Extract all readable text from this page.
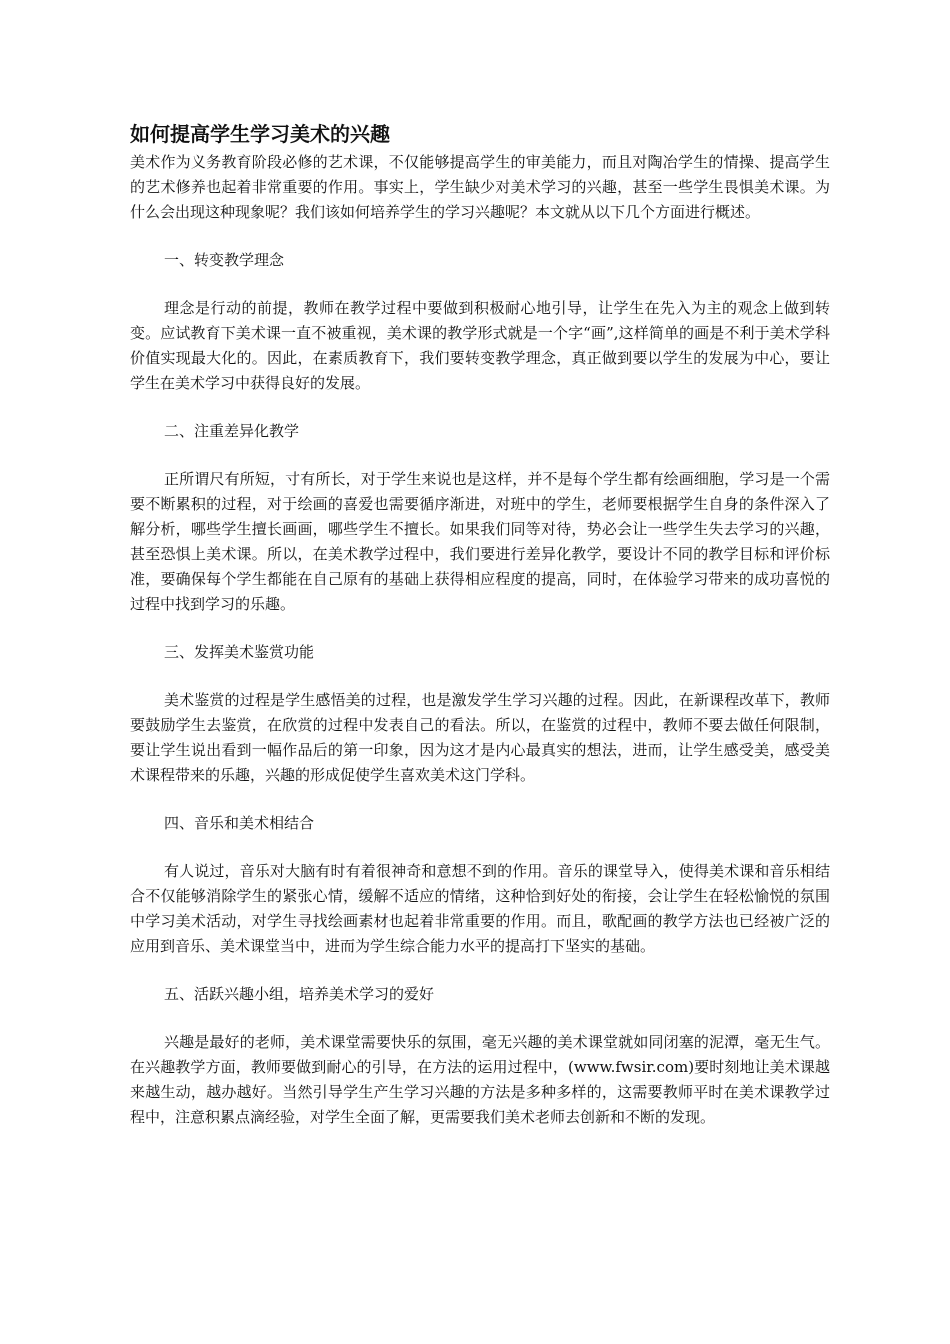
如何提高学生学习美术的兴趣

美术作为义务教育阶段必修的艺术课，不仅能够提高学生的审美能力，而且对陶冶学生的情操、提高学生的艺术修养也起着非常重要的作用。事实上，学生缺少对美术学习的兴趣，甚至一些学生畏惧美术课。为什么会出现这种现象呢？我们该如何培养学生的学习兴趣呢？本文就从以下几个方面进行概述。

一、转变教学理念

理念是行动的前提，教师在教学过程中要做到积极耐心地引导，让学生在先入为主的观念上做到转变。应试教育下美术课一直不被重视，美术课的教学形式就是一个字“画”,这样简单的画是不利于美术学科价值实现最大化的。因此，在素质教育下，我们要转变教学理念，真正做到要以学生的发展为中心，要让学生在美术学习中获得良好的发展。

二、注重差异化教学

正所谓尺有所短，寸有所长，对于学生来说也是这样，并不是每个学生都有绘画细胞，学习是一个需要不断累积的过程，对于绘画的喜爱也需要循序渐进，对班中的学生，老师要根据学生自身的条件深入了解分析，哪些学生擅长画画，哪些学生不擅长。如果我们同等对待，势必会让一些学生失去学习的兴趣，甚至恐惧上美术课。所以，在美术教学过程中，我们要进行差异化教学，要设计不同的教学目标和评价标准，要确保每个学生都能在自己原有的基础上获得相应程度的提高，同时，在体验学习带来的成功喜悦的过程中找到学习的乐趣。

三、发挥美术鉴赏功能

美术鉴赏的过程是学生感悟美的过程，也是激发学生学习兴趣的过程。因此，在新课程改革下，教师要鼓励学生去鉴赏，在欣赏的过程中发表自己的看法。所以，在鉴赏的过程中，教师不要去做任何限制，要让学生说出看到一幅作品后的第一印象，因为这才是内心最真实的想法，进而，让学生感受美，感受美术课程带来的乐趣，兴趣的形成促使学生喜欢美术这门学科。

四、音乐和美术相结合

有人说过，音乐对大脑有时有着很神奇和意想不到的作用。音乐的课堂导入，使得美术课和音乐相结合不仅能够消除学生的紧张心情，缓解不适应的情绪，这种恰到好处的衔接，会让学生在轻松愉悦的氛围中学习美术活动，对学生寻找绘画素材也起着非常重要的作用。而且，歌配画的教学方法也已经被广泛的应用到音乐、美术课堂当中，进而为学生综合能力水平的提高打下坚实的基础。

五、活跃兴趣小组，培养美术学习的爱好

兴趣是最好的老师，美术课堂需要快乐的氛围，毫无兴趣的美术课堂就如同闭塞的泥潭，毫无生气。在兴趣教学方面，教师要做到耐心的引导，在方法的运用过程中，(www.fwsir.com)要时刻地让美术课越来越生动，越办越好。当然引导学生产生学习兴趣的方法是多种多样的，这需要教师平时在美术课教学过程中，注意积累点滴经验，对学生全面了解，更需要我们美术老师去创新和不断的发现。
